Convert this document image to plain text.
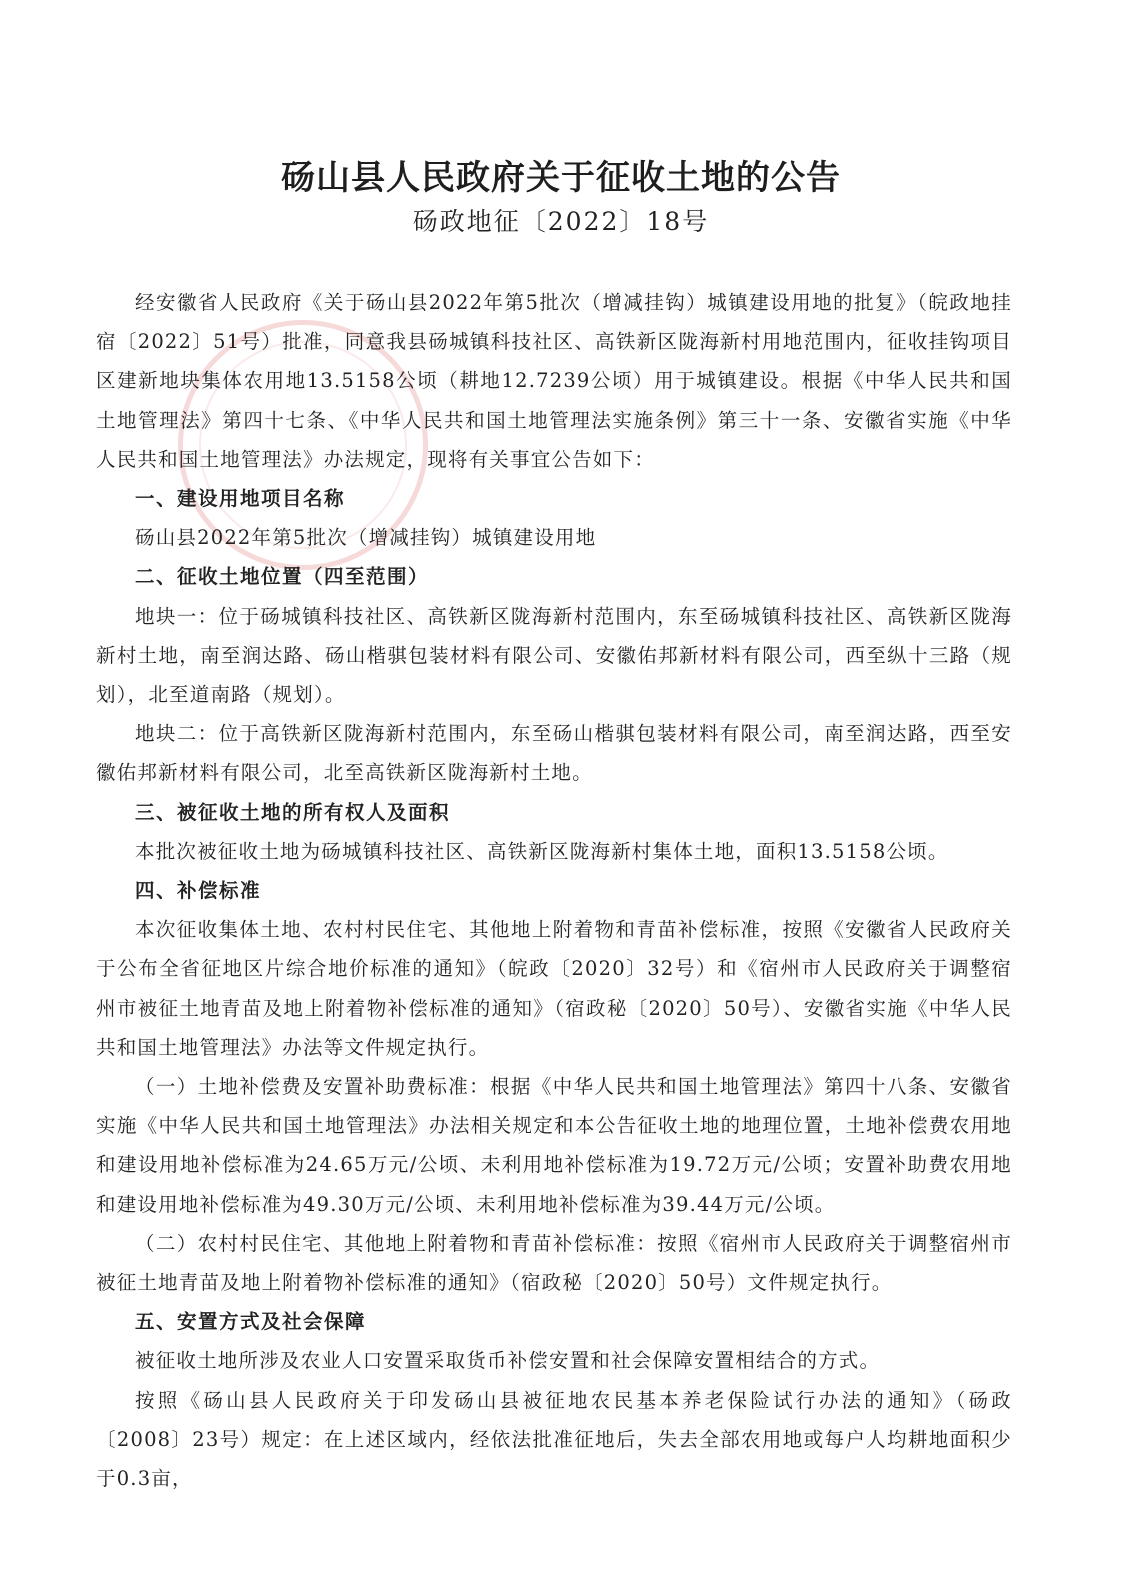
砀山县人民政府关于征收土地的公告
砀政地征〔2022〕18号

经安徽省人民政府《关于砀山县2022年第5批次（增减挂钩）城镇建设用地的批复》（皖政地挂宿〔2022〕51号）批准，同意我县砀城镇科技社区、高铁新区陇海新村用地范围内，征收挂钩项目区建新地块集体农用地13.5158公顷（耕地12.7239公顷）用于城镇建设。根据《中华人民共和国土地管理法》第四十七条、《中华人民共和国土地管理法实施条例》第三十一条、安徽省实施《中华人民共和国土地管理法》办法规定，现将有关事宜公告如下：

一、建设用地项目名称

砀山县2022年第5批次（增减挂钩）城镇建设用地

二、征收土地位置（四至范围）

地块一：位于砀城镇科技社区、高铁新区陇海新村范围内，东至砀城镇科技社区、高铁新区陇海新村土地，南至润达路、砀山楷骐包装材料有限公司、安徽佑邦新材料有限公司，西至纵十三路（规划），北至道南路（规划）。

地块二：位于高铁新区陇海新村范围内，东至砀山楷骐包装材料有限公司，南至润达路，西至安徽佑邦新材料有限公司，北至高铁新区陇海新村土地。

三、被征收土地的所有权人及面积

本批次被征收土地为砀城镇科技社区、高铁新区陇海新村集体土地，面积13.5158公顷。

四、补偿标准

本次征收集体土地、农村村民住宅、其他地上附着物和青苗补偿标准，按照《安徽省人民政府关于公布全省征地区片综合地价标准的通知》（皖政〔2020〕32号）和《宿州市人民政府关于调整宿州市被征土地青苗及地上附着物补偿标准的通知》（宿政秘〔2020〕50号）、安徽省实施《中华人民共和国土地管理法》办法等文件规定执行。

（一）土地补偿费及安置补助费标准：根据《中华人民共和国土地管理法》第四十八条、安徽省实施《中华人民共和国土地管理法》办法相关规定和本公告征收土地的地理位置，土地补偿费农用地和建设用地补偿标准为24.65万元/公顷、未利用地补偿标准为19.72万元/公顷；安置补助费农用地和建设用地补偿标准为49.30万元/公顷、未利用地补偿标准为39.44万元/公顷。

（二）农村村民住宅、其他地上附着物和青苗补偿标准：按照《宿州市人民政府关于调整宿州市被征土地青苗及地上附着物补偿标准的通知》（宿政秘〔2020〕50号）文件规定执行。

五、安置方式及社会保障

被征收土地所涉及农业人口安置采取货币补偿安置和社会保障安置相结合的方式。

按照《砀山县人民政府关于印发砀山县被征地农民基本养老保险试行办法的通知》（砀政〔2008〕23号）规定：在上述区域内，经依法批准征地后，失去全部农用地或每户人均耕地面积少于0.3亩，
